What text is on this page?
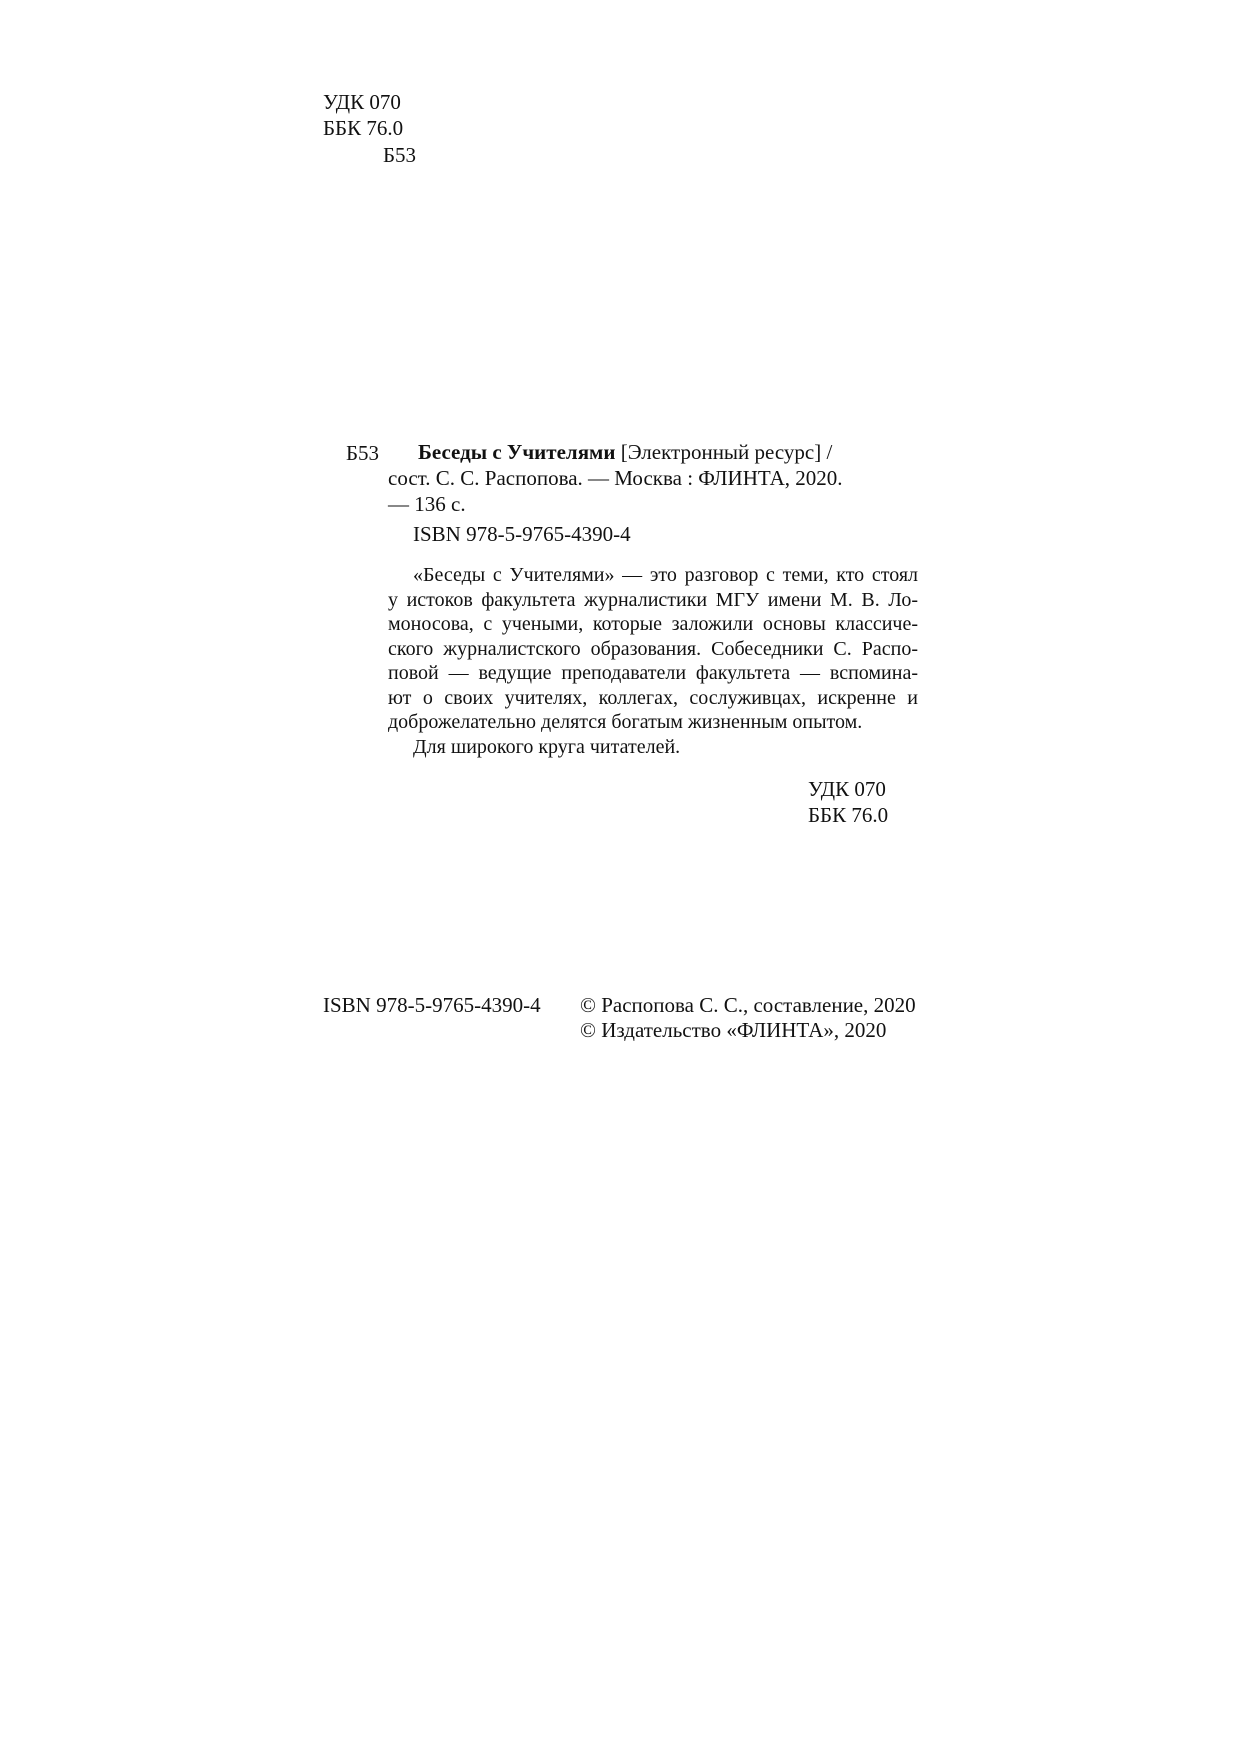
УДК 070
ББК 76.0
Б53
Б53 Беседы с Учителями [Электронный ресурс] /
сост. С. С. Распопова. — Москва : ФЛИНТА, 2020.
— 136 с.
ISBN 978-5-9765-4390-4
«Беседы с Учителями» — это разговор с теми, кто стоял
у истоков факультета журналистики МГУ имени М. В. Ло-
моносова, с учеными, которые заложили основы классиче-
ского журналистского образования. Собеседники С. Распо-
повой — ведущие преподаватели факультета — вспомина-
ют о своих учителях, коллегах, сослуживцах, искренне и
доброжелательно делятся богатым жизненным опытом.
Для широкого круга читателей.
УДК 070
ББК 76.0
ISBN 978-5-9765-4390-4 © Распопова С. С., составление, 2020
© Издательство «ФЛИНТА», 2020
